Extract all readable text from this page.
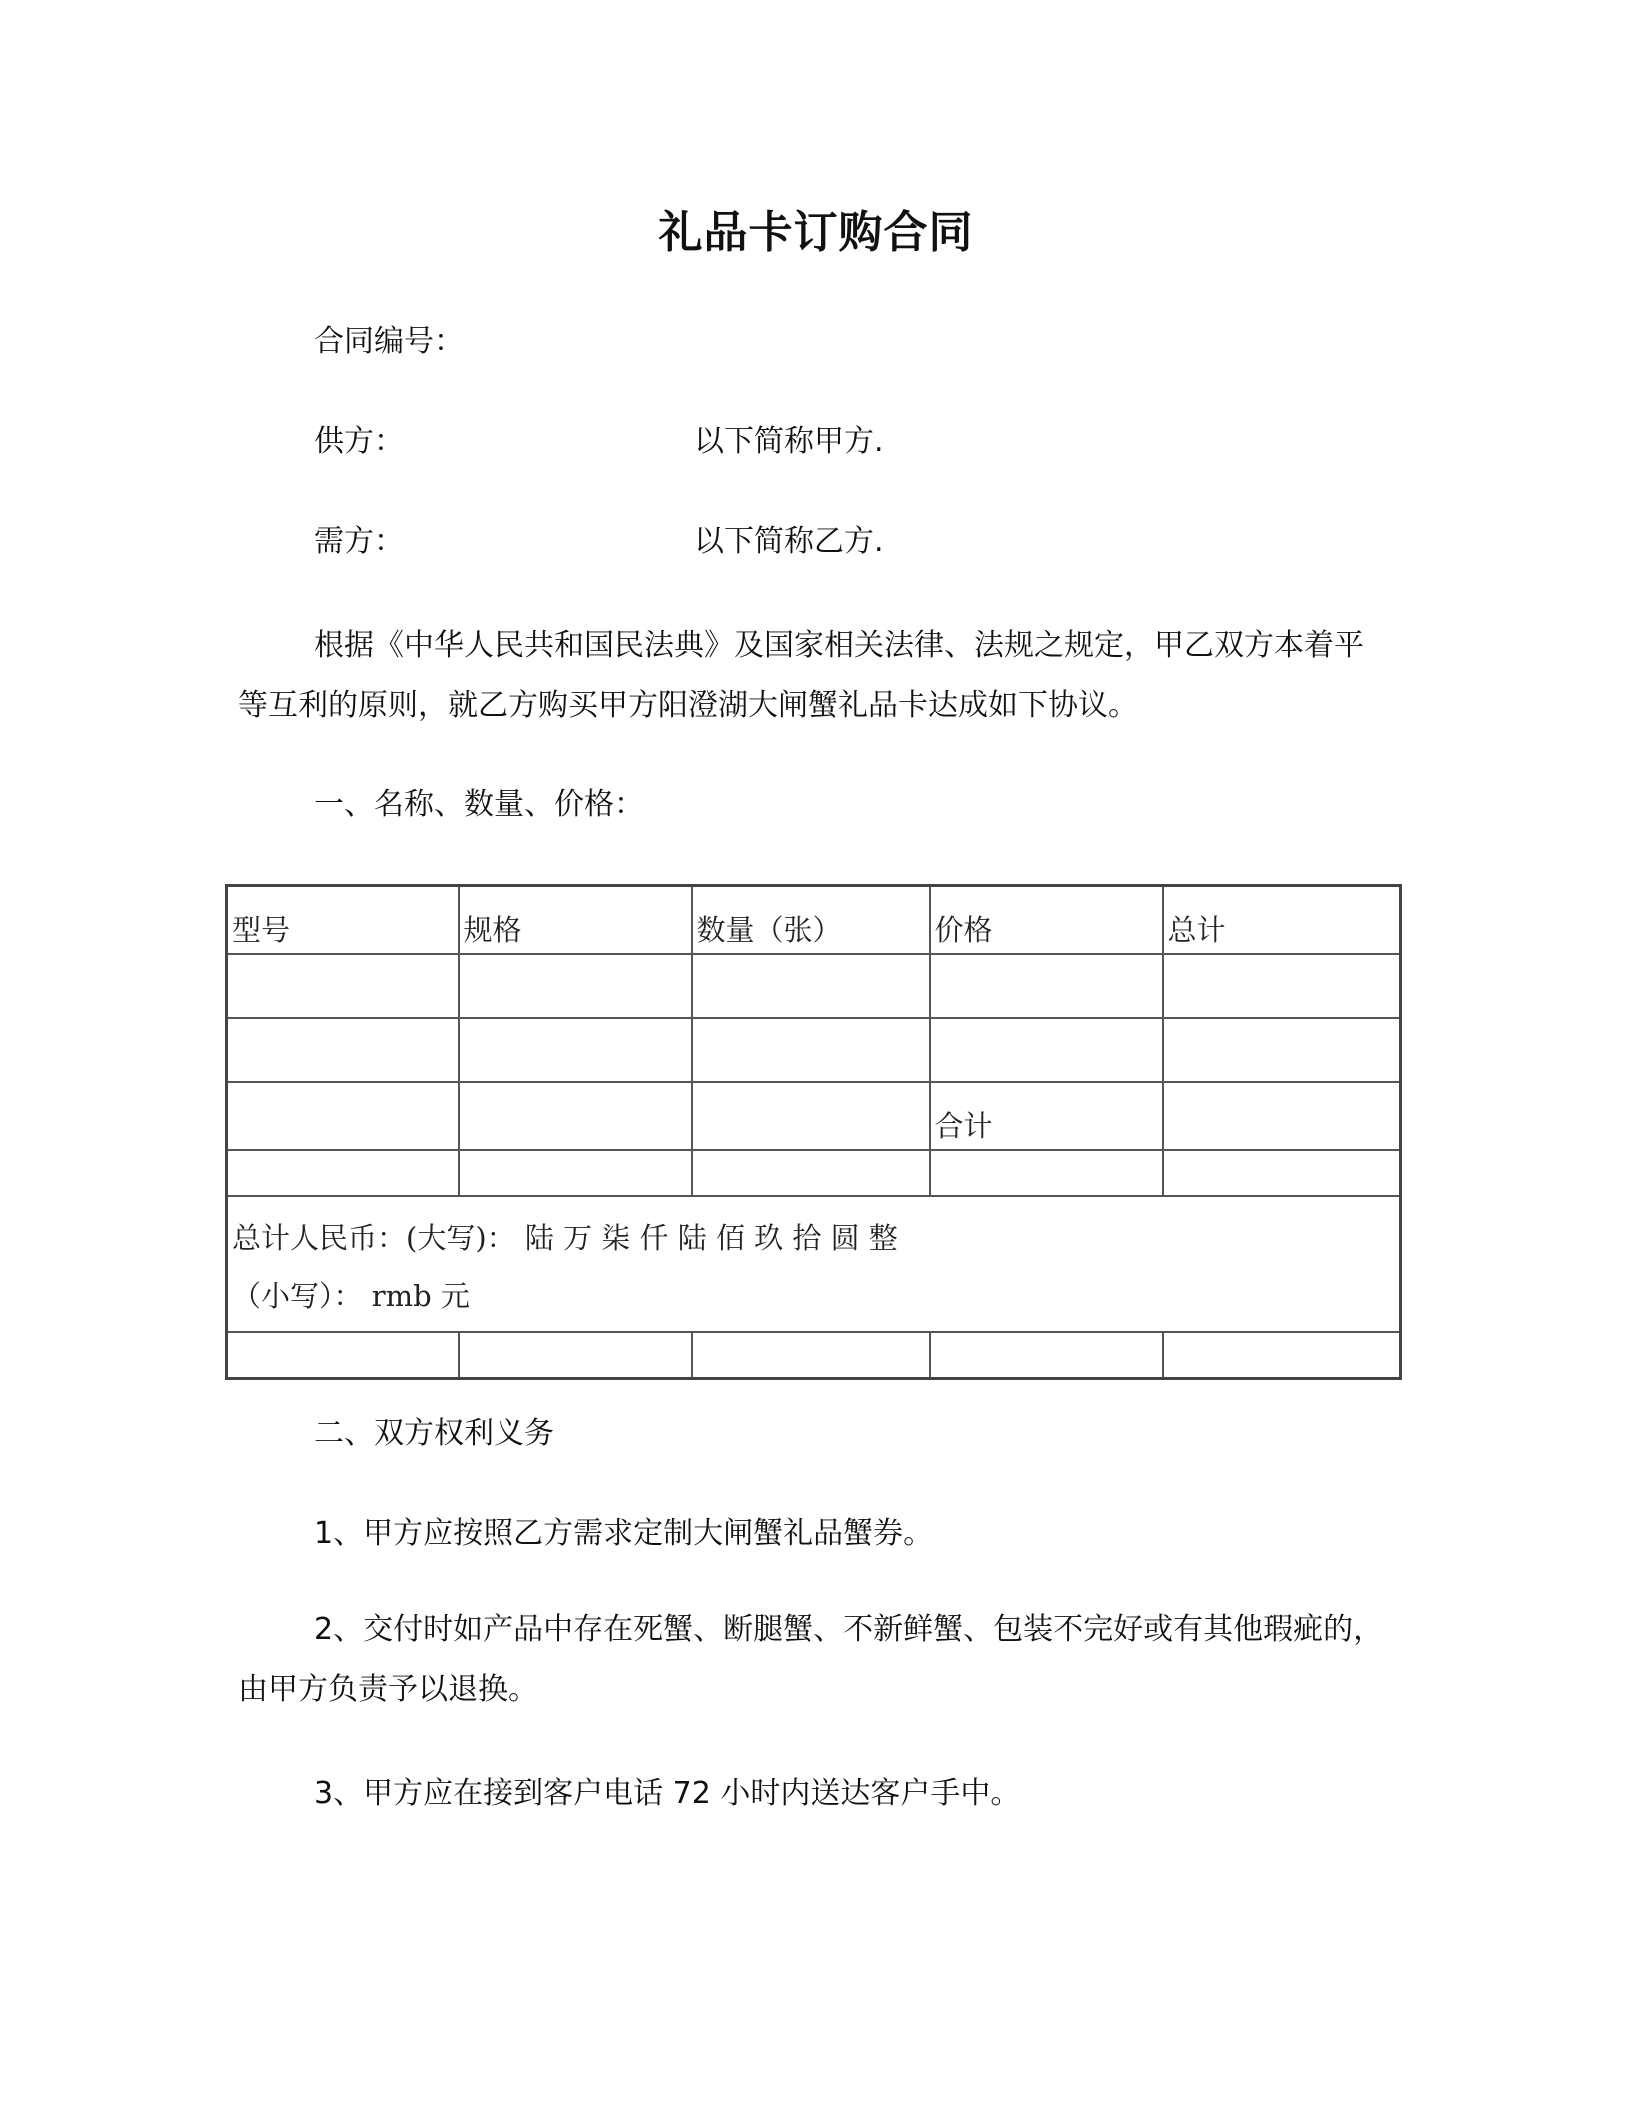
礼品卡订购合同
合同编号：
供方：	以下简称甲方.
需方：	以下简称乙方.
根据《中华人民共和国民法典》及国家相关法律、法规之规定，甲乙双方本着平等互利的原则，就乙方购买甲方阳澄湖大闸蟹礼品卡达成如下协议。
一、名称、数量、价格：
型号	规格	数量（张）	价格	总计

			合计	

总计人民币：(大写)： 陆 万 柒 仟 陆 佰 玖 拾 圆 整
（小写）： rmb 元				

二、双方权利义务
1、甲方应按照乙方需求定制大闸蟹礼品蟹券。
2、交付时如产品中存在死蟹、断腿蟹、不新鲜蟹、包装不完好或有其他瑕疵的，由甲方负责予以退换。
3、甲方应在接到客户电话 72 小时内送达客户手中。
